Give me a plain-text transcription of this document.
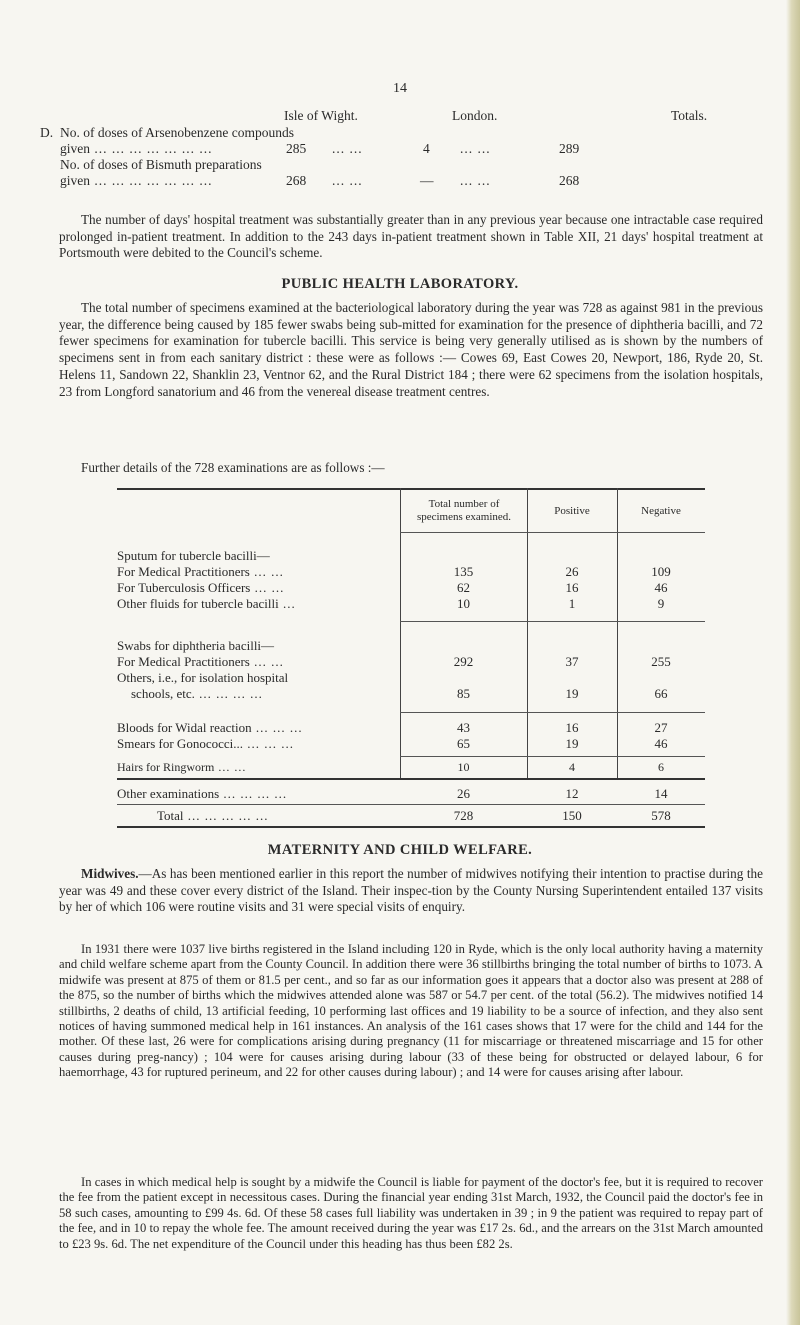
14
Isle of Wight.	London.	Totals.
D. No. of doses of Arsenobenzene compounds
given ... ... ... ... ... ... ...	285 ... ...	4 ... ...	289
No. of doses of Bismuth preparations
given ... ... ... ... ... ... ...	268 ... ...	— ... ...	268

The number of days' hospital treatment was substantially greater than in any previous year because one intractable case required prolonged in-patient treatment. In addition to the 243 days in-patient treatment shown in Table XII, 21 days' hospital treatment at Portsmouth were debited to the Council's scheme.

PUBLIC HEALTH LABORATORY.

The total number of specimens examined at the bacteriological laboratory during the year was 728 as against 981 in the previous year, the difference being caused by 185 fewer swabs being sub-mitted for examination for the presence of diphtheria bacilli, and 72 fewer specimens for examination for tubercle bacilli. This service is being very generally utilised as is shown by the numbers of specimens sent in from each sanitary district : these were as follows :— Cowes 69, East Cowes 20, Newport, 186, Ryde 20, St. Helens 11, Sandown 22, Shanklin 23, Ventnor 62, and the Rural District 184 ; there were 62 specimens from the isolation hospitals, 23 from Longford sanatorium and 46 from the venereal disease treatment centres.

Further details of the 728 examinations are as follows :—

Total number of specimens examined.	Positive	Negative
Sputum for tubercle bacilli—
For Medical Practitioners ... ...	135	26	109
For Tuberculosis Officers ... ...	62	16	46
Other fluids for tubercle bacilli ...	10	1	9
Swabs for diphtheria bacilli—
For Medical Practitioners ... ...	292	37	255
Others, i.e., for isolation hospital
schools, etc. ... ... ... ...	85	19	66
Bloods for Widal reaction ... ... ...	43	16	27
Smears for Gonococci... ... ... ...	65	19	46
Hairs for Ringworm ... ...	10	4	6
Other examinations ... ... ... ...	26	12	14
Total ... ... ... ... ...	728	150	578
MATERNITY AND CHILD WELFARE.

Midwives.—As has been mentioned earlier in this report the number of midwives notifying their intention to practise during the year was 49 and these cover every district of the Island. Their inspec-tion by the County Nursing Superintendent entailed 137 visits by her of which 106 were routine visits and 31 were special visits of enquiry.

In 1931 there were 1037 live births registered in the Island including 120 in Ryde, which is the only local authority having a maternity and child welfare scheme apart from the County Council. In addition there were 36 stillbirths bringing the total number of births to 1073. A midwife was present at 875 of them or 81.5 per cent., and so far as our information goes it appears that a doctor also was present at 288 of the 875, so the number of births which the midwives attended alone was 587 or 54.7 per cent. of the total (56.2). The midwives notified 14 stillbirths, 2 deaths of child, 13 artificial feeding, 10 performing last offices and 19 liability to be a source of infection, and they also sent notices of having summoned medical help in 161 instances. An analysis of the 161 cases shows that 17 were for the child and 144 for the mother. Of these last, 26 were for complications arising during pregnancy (11 for miscarriage or threatened miscarriage and 15 for other causes during preg-nancy) ; 104 were for causes arising during labour (33 of these being for obstructed or delayed labour, 6 for haemorrhage, 43 for ruptured perineum, and 22 for other causes during labour) ; and 14 were for causes arising after labour.

In cases in which medical help is sought by a midwife the Council is liable for payment of the doctor's fee, but it is required to recover the fee from the patient except in necessitous cases. During the financial year ending 31st March, 1932, the Council paid the doctor's fee in 58 such cases, amounting to £99 4s. 6d. Of these 58 cases full liability was undertaken in 39 ; in 9 the patient was required to repay part of the fee, and in 10 to repay the whole fee. The amount received during the year was £17 2s. 6d., and the arrears on the 31st March amounted to £23 9s. 6d. The net expenditure of the Council under this heading has thus been £82 2s.
